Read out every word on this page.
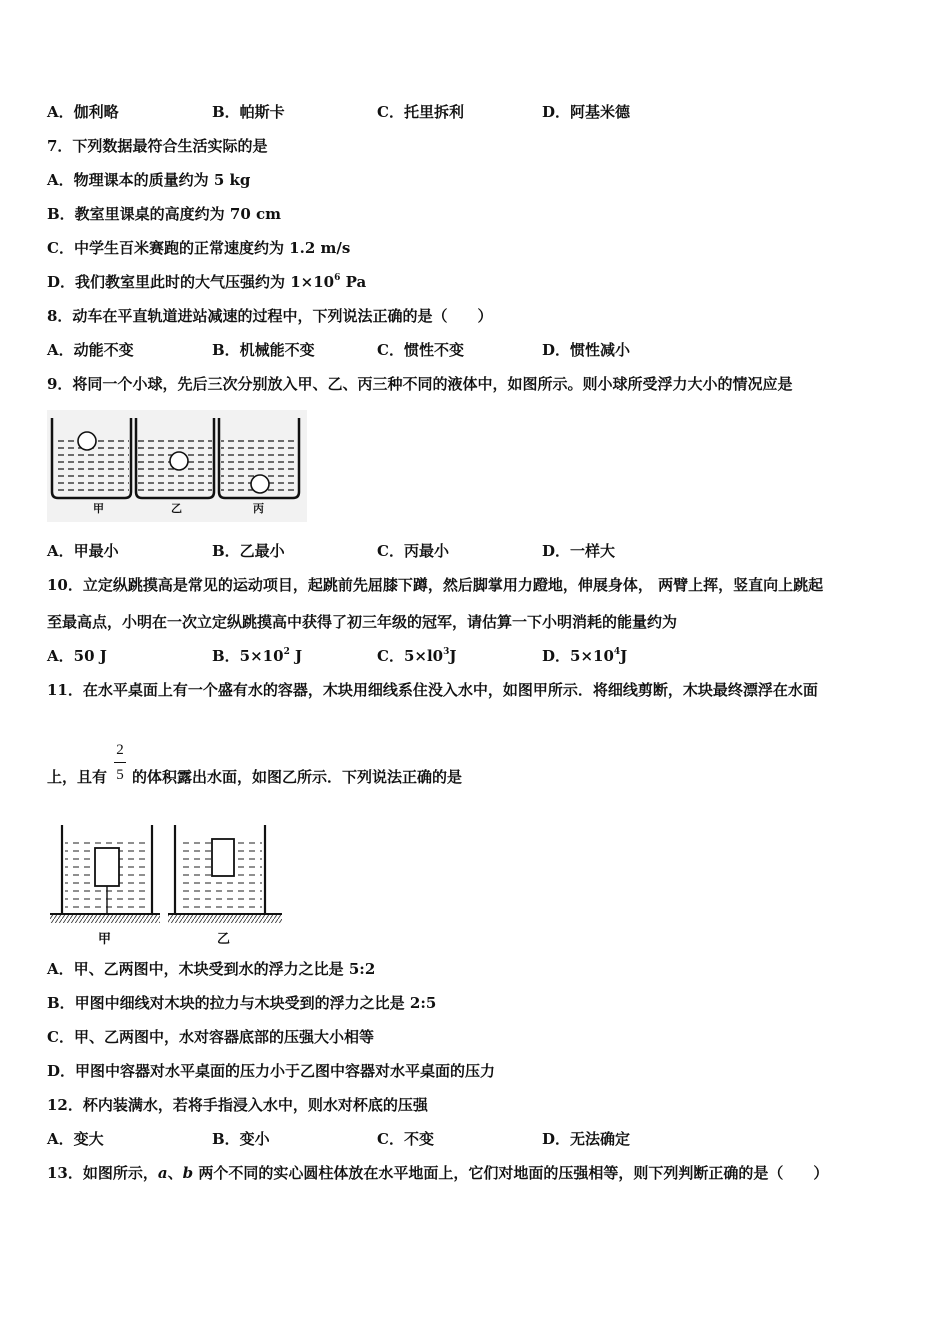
A．伽利略	B．帕斯卡	C．托里拆利	D．阿基米德

7．下列数据最符合生活实际的是

A．物理课本的质量约为 5 kg

B．教室里课桌的高度约为 70 cm

C．中学生百米赛跑的正常速度约为 1.2 m/s

D．我们教室里此时的大气压强约为 $1\times 10^6$ Pa

8．动车在平直轨道进站减速的过程中，下列说法正确的是（　　）

A．动能不变	B．机械能不变	C．惯性不变	D．惯性减小

9．将同一个小球，先后三次分别放入甲、乙、丙三种不同的液体中，如图所示。则小球所受浮力大小的情况应是

甲	乙	丙
A．甲最小	B．乙最小	C．丙最小	D．一样大

10．立定纵跳摸高是常见的运动项目，起跳前先屈膝下蹲，然后脚掌用力蹬地，伸展身体， 两臂上挥，竖直向上跳起

至最高点，小明在一次立定纵跳摸高中获得了初三年级的冠军，请估算一下小明消耗的能量约为

A．50 J	B．$5\times 10^2$ J	C．$5\times l0^3J$	D．$5\times 10^4J$

11．在水平桌面上有一个盛有水的容器，木块用细线系住没入水中，如图甲所示．将细线剪断，木块最终漂浮在水面

2
5

上，且有 的体积露出水面，如图乙所示．下列说法正确的是

甲	乙

A．甲、乙两图中，木块受到水的浮力之比是 5:2

B．甲图中细线对木块的拉力与木块受到的浮力之比是 2:5

C．甲、乙两图中，水对容器底部的压强大小相等

D．甲图中容器对水平桌面的压力小于乙图中容器对水平桌面的压力

12．杯内装满水，若将手指浸入水中，则水对杯底的压强

A．变大	B．变小	C．不变	D．无法确定

13．如图所示，a、b 两个不同的实心圆柱体放在水平地面上，它们对地面的压强相等，则下列判断正确的是（　　）
